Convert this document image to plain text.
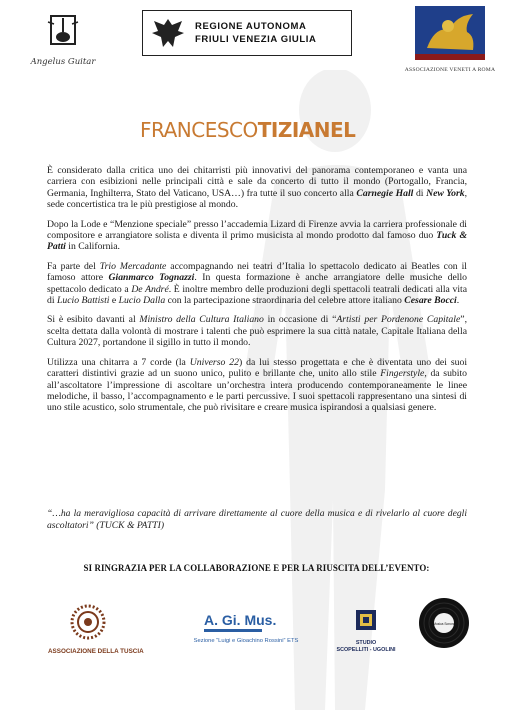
Angelus Guitar
REGIONE AUTONOMA
FRIULI VENEZIA GIULIA
ASSOCIAZIONE VENETI A ROMA
FRANCESCOTIZIANEL

È considerato dalla critica uno dei chitarristi più innovativi del panorama contemporaneo e vanta una carriera con esibizioni nelle principali città e sale da concerto di tutto il mondo (Portogallo, Francia, Germania, Inghilterra, Stato del Vaticano, USA…) fra tutte il suo concerto alla Carnegie Hall di New York, sede concertistica tra le più prestigiose al mondo.

Dopo la Lode e “Menzione speciale” presso l’accademia Lizard di Firenze avvia la carriera professionale di compositore e arrangiatore solista e diventa il primo musicista al mondo prodotto dal famoso duo Tuck & Patti in California.

Fa parte del Trio Mercadante accompagnando nei teatri d’Italia lo spettacolo dedicato ai Beatles con il famoso attore Gianmarco Tognazzi. In questa formazione è anche arrangiatore delle musiche dello spettacolo dedicato a De André. È inoltre membro delle produzioni degli spettacoli teatrali dedicati alla vita di Lucio Battisti e Lucio Dalla con la partecipazione straordinaria del celebre attore italiano Cesare Bocci.

Si è esibito davanti al Ministro della Cultura Italiano in occasione di “Artisti per Pordenone Capitale”, scelta dettata dalla volontà di mostrare i talenti che può esprimere la sua città natale, Capitale Italiana della Cultura 2027, portandone il sigillo in tutto il mondo.

Utilizza una chitarra a 7 corde (la Universo 22) da lui stesso progettata e che è diventata uno dei suoi caratteri distintivi grazie ad un suono unico, pulito e brillante che, unito allo stile Fingerstyle, da subito all’ascoltatore l’impressione di ascoltare un’orchestra intera producendo contemporaneamente le linee melodiche, il basso, l’accompagnamento e le parti percussive. I suoi spettacoli rappresentano una sintesi di uno stile acustico, solo strumentale, che può rivisitare e creare musica ispirandosi a qualsiasi genere.

“…ha la meravigliosa capacità di arrivare direttamente al cuore della musica e di rivelarlo al cuore degli ascoltatori” (TUCK & PATTI)
SI RINGRAZIA PER LA COLLABORAZIONE E PER LA RIUSCITA DELL’EVENTO:
ASSOCIAZIONE DELLA TUSCIA
A. Gi. Mus.
Sezione “Luigi e Gioachino Rossini” ETS	STUDIO
SCOPELLITI - UGOLINI
Musica Sonora
